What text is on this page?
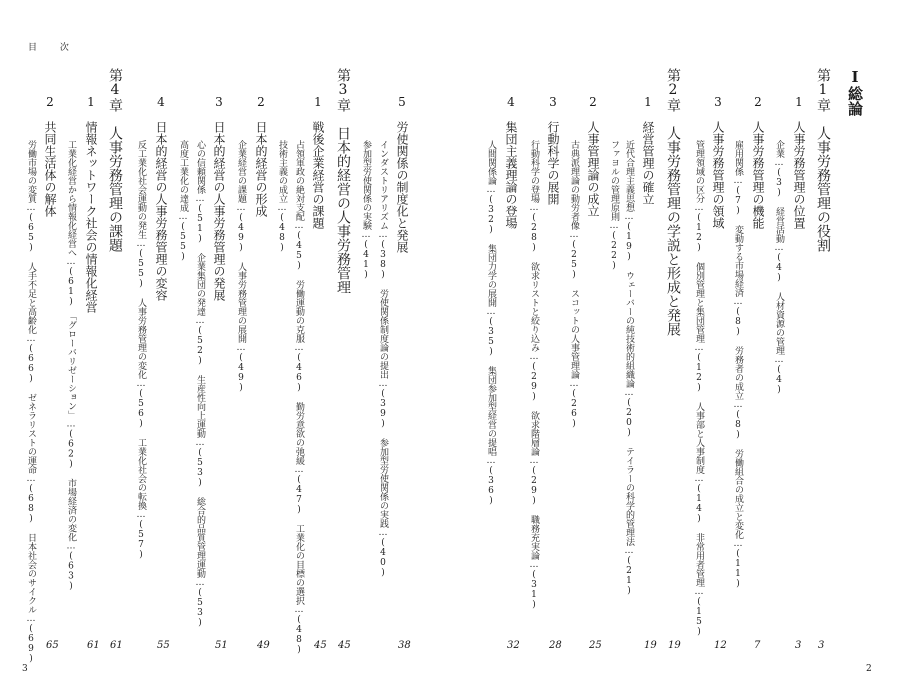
目 次
3	2
Ⅰ総論
第1章　人事労務管理の役割
3
1　人事労務管理の位置
3
企業…(3)　経営活動…(4)　人材資源の管理…(4)
2　人事労務管理の機能
7
雇用関係…(7)　変動する市場経済…(8)　労務者の成立…(8)　労働組合の成立と変化…(11)
3　人事労務管理の領域
12
管理領域の区分…(12)　個別管理と集団管理…(12)　人事部と人事制度…(14)　非常用者管理…(15)
第2章　人事労務管理の学説と形成と発展
19
1　経営管理の確立
19
近代合理主義思想…(19)　ウェーバーの純技術的組織論…(20)　テイラーの科学的管理法…(21)
ファヨルの管理原則…(22)
2　人事管理論の成立
25
古典派理論の動労者像…(25)　スコットの人事管理論…(26)
3　行動科学の展開
28
行動科学の登場…(28)　欲求リストと絞り込み…(29)　欲求階層論…(29)　職務充実論…(31)
4　集団主義理論の登場
32
人間関係論…(32)　集団力学の展開…(35)　集団参加型経営の提唱…(36)
5　労使関係の制度化と発展
38
インダストリアリズム…(38)　労使関係制度論の提出…(39)　参加型労使関係の実践…(40)
参加型労使関係の実験…(41)
第3章　日本的経営の人事労務管理
45
1　戦後企業経営の課題
45
占領軍政の絶対支配…(45)　労働運動の克服…(46)　勤労意欲の弛緩…(47)　工業化の目標の選択…(48)
技術主義の成立…(48)
2　日本的経営の形成
49
企業経営の課題…(49)　人事労務管理の展開…(49)
3　日本的経営の人事労務管理の発展
51
心の信頼関係…(51)　企業集団の発達…(52)　生産性向上運動…(53)　総合的品質管理運動…(53)
高度工業化の達成…(55)
4　日本的経営の人事労務管理の変容
55
反工業化社会運動の発生…(55)　人事労務管理の変化…(56)　工業化社会の転換…(57)
第4章　人事労務管理の課題
61
1　情報ネットワーク社会の情報化経営
61
工業化経営から情報化経営へ…(61)　「グローバリゼーション」…(62)　市場経済の変化…(63)
2　共同生活体の解体
65
労働市場の変質…(65)　人手不足と高齢化…(66)　ゼネラリストの運命…(68)　日本社会のサイクル…(69)
